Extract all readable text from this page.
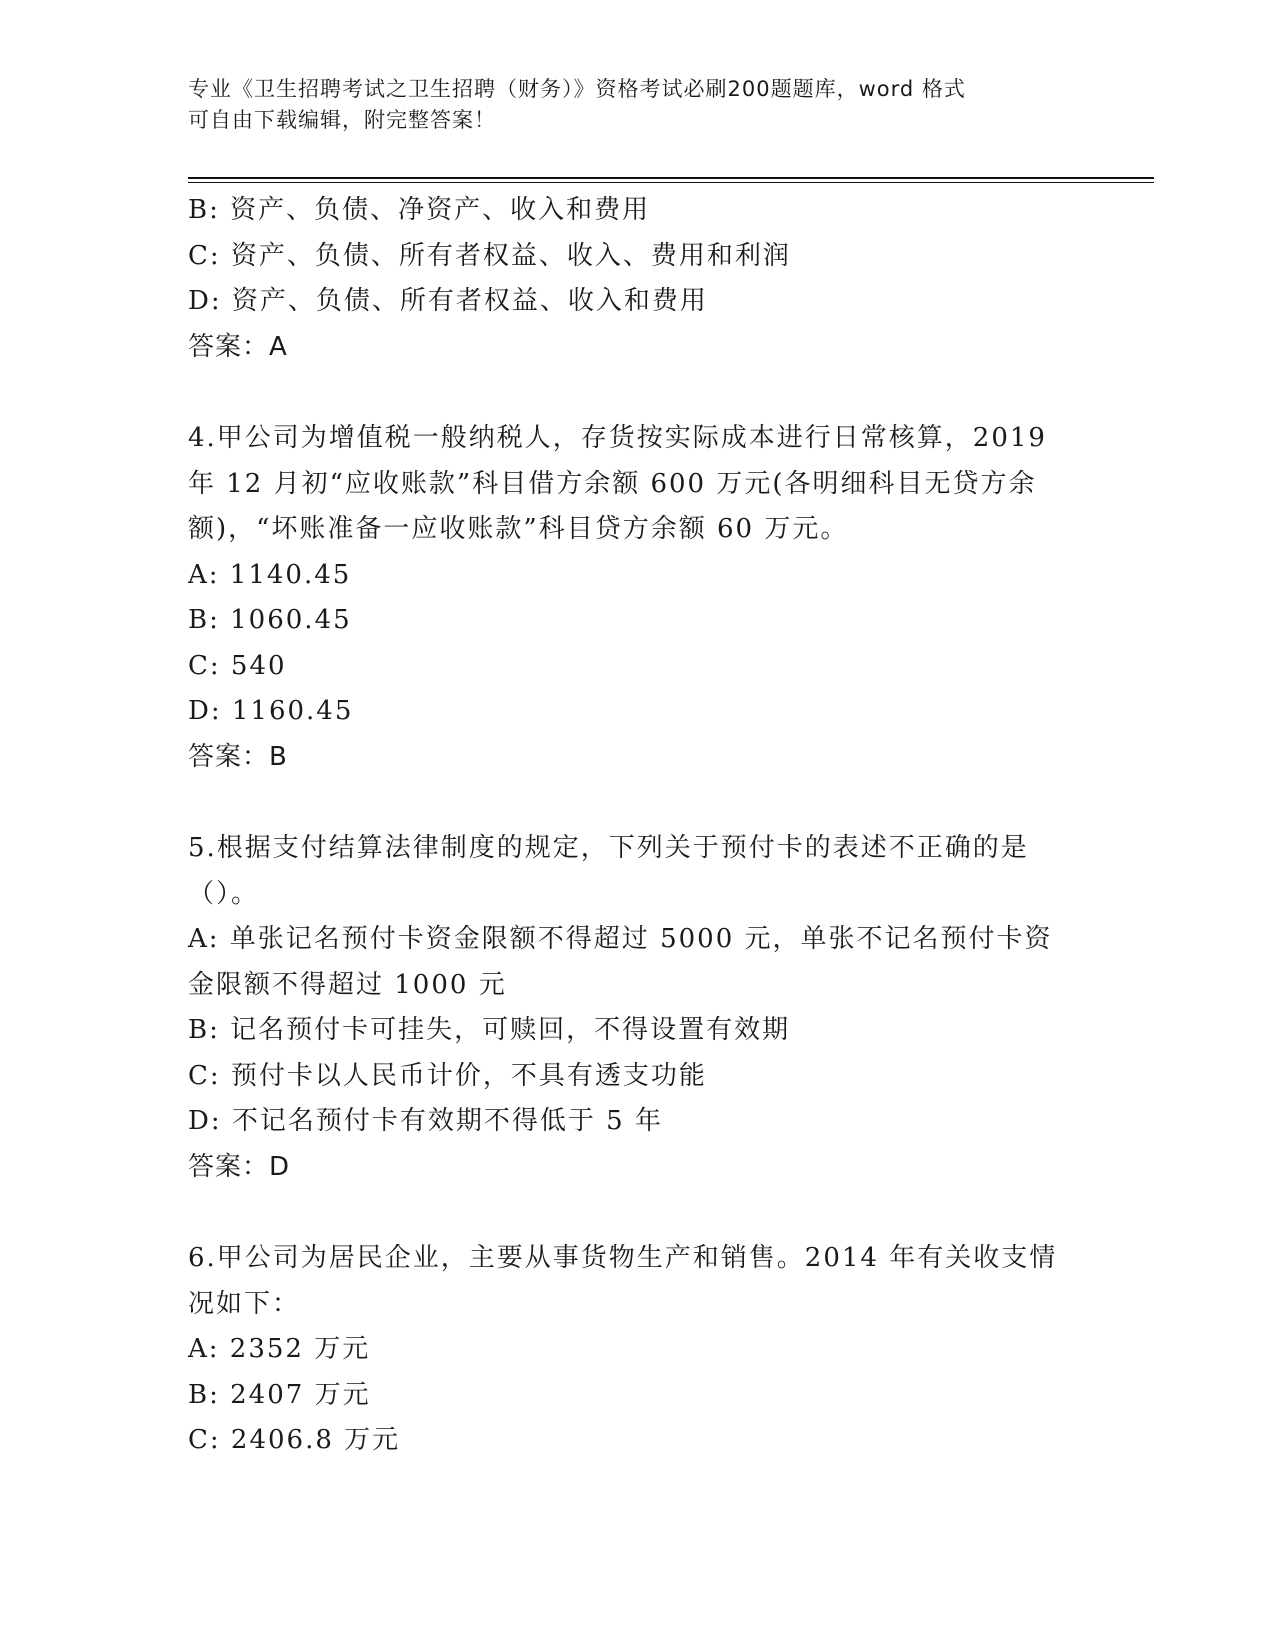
专业《卫生招聘考试之卫生招聘（财务）》资格考试必刷200题题库，word 格式
可自由下载编辑，附完整答案！
B: 资产、负债、净资产、收入和费用
C: 资产、负债、所有者权益、收入、费用和利润
D: 资产、负债、所有者权益、收入和费用
答案：A
4.甲公司为增值税一般纳税人，存货按实际成本进行日常核算，2019
年 12 月初“应收账款”科目借方余额 600 万元(各明细科目无贷方余
额)，“坏账准备一应收账款”科目贷方余额 60 万元。
A: 1140.45
B: 1060.45
C: 540
D: 1160.45
答案：B
5.根据支付结算法律制度的规定，下列关于预付卡的表述不正确的是
（）。
A: 单张记名预付卡资金限额不得超过 5000 元，单张不记名预付卡资
金限额不得超过 1000 元
B: 记名预付卡可挂失，可赎回，不得设置有效期
C: 预付卡以人民币计价，不具有透支功能
D: 不记名预付卡有效期不得低于 5 年
答案：D
6.甲公司为居民企业，主要从事货物生产和销售。2014 年有关收支情
况如下：
A: 2352 万元
B: 2407 万元
C: 2406.8 万元
